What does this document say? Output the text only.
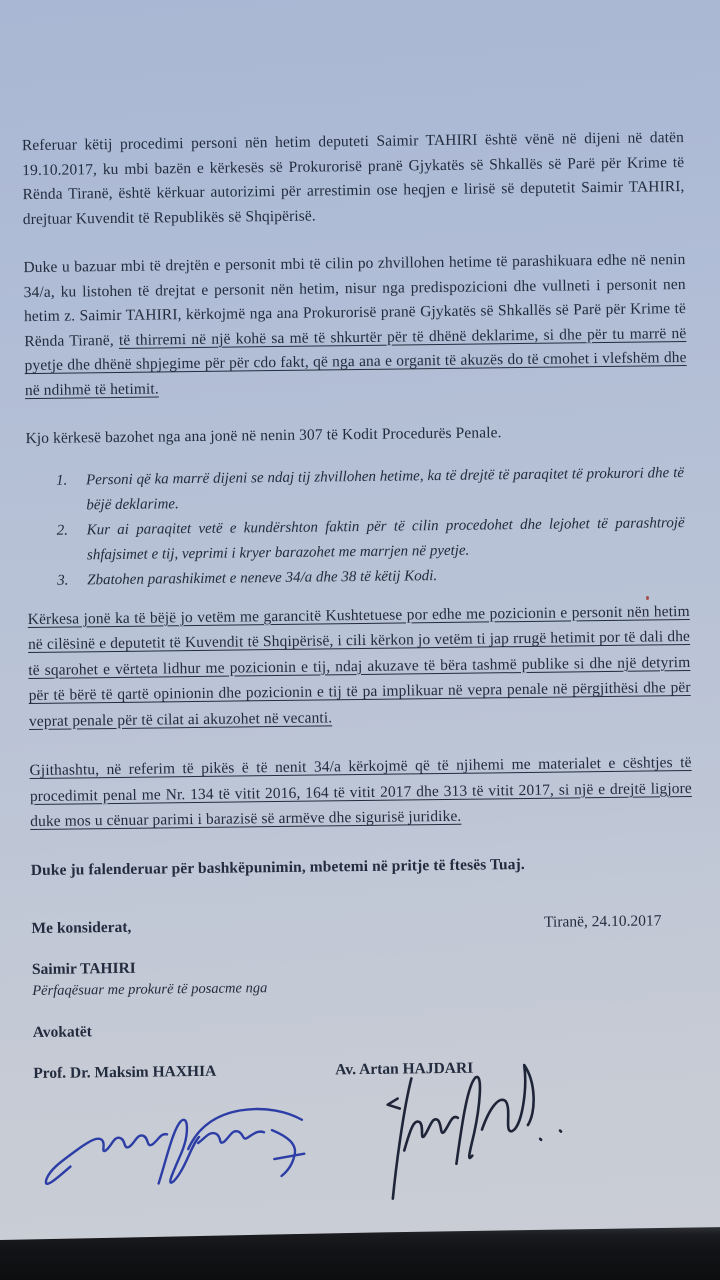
Referuar këtij procedimi personi nën hetim deputeti Saimir TAHIRI është vënë në dijeni në datën 19.10.2017, ku mbi bazën e kërkesës së Prokurorisë pranë Gjykatës së Shkallës së Parë për Krime të Rënda Tiranë, është kërkuar autorizimi për arrestimin ose heqjen e lirisë së deputetit Saimir TAHIRI, drejtuar Kuvendit të Republikës së Shqipërisë.

Duke u bazuar mbi të drejtën e personit mbi të cilin po zhvillohen hetime të parashikuara edhe në nenin 34/a, ku listohen të drejtat e personit nën hetim, nisur nga predispozicioni dhe vullneti i personit nen hetim z. Saimir TAHIRI, kërkojmë nga ana Prokurorisë pranë Gjykatës së Shkallës së Parë për Krime të Rënda Tiranë, të thirremi në një kohë sa më të shkurtër për të dhënë deklarime, si dhe për tu marrë në pyetje dhe dhënë shpjegime për për cdo fakt, që nga ana e organit të akuzës do të cmohet i vlefshëm dhe në ndihmë të hetimit.

Kjo kërkesë bazohet nga ana jonë në nenin 307 të Kodit Procedurës Penale.

1.	Personi që ka marrë dijeni se ndaj tij zhvillohen hetime, ka të drejtë të paraqitet të prokurori dhe të bëjë deklarime.
2.	Kur ai paraqitet vetë e kundërshton faktin për të cilin procedohet dhe lejohet të parashtrojë shfajsimet e tij, veprimi i kryer barazohet me marrjen në pyetje.
3.	Zbatohen parashikimet e neneve 34/a dhe 38 të këtij Kodi.

Kërkesa jonë ka të bëjë jo vetëm me garancitë Kushtetuese por edhe me pozicionin e personit nën hetim në cilësinë e deputetit të Kuvendit të Shqipërisë, i cili kërkon jo vetëm ti jap rrugë hetimit por të dali dhe të sqarohet e vërteta lidhur me pozicionin e tij, ndaj akuzave të bëra tashmë publike si dhe një detyrim për të bërë të qartë opinionin dhe pozicionin e tij të pa implikuar në vepra penale në përgjithësi dhe për veprat penale për të cilat ai akuzohet në vecanti.

Gjithashtu, në referim të pikës ë të nenit 34/a kërkojmë që të njihemi me materialet e cështjes të procedimit penal me Nr. 134 të vitit 2016, 164 të vitit 2017 dhe 313 të vitit 2017, si një e drejtë ligjore duke mos u cënuar parimi i barazisë së armëve dhe sigurisë juridike.

Duke ju falenderuar për bashkëpunimin, mbetemi në pritje të ftesës Tuaj.

Me konsiderat,	Tiranë, 24.10.2017

Saimir TAHIRI

Përfaqësuar me prokurë të posacme nga

Avokatët

Prof. Dr. Maksim HAXHIA	Av. Artan HAJDARI
